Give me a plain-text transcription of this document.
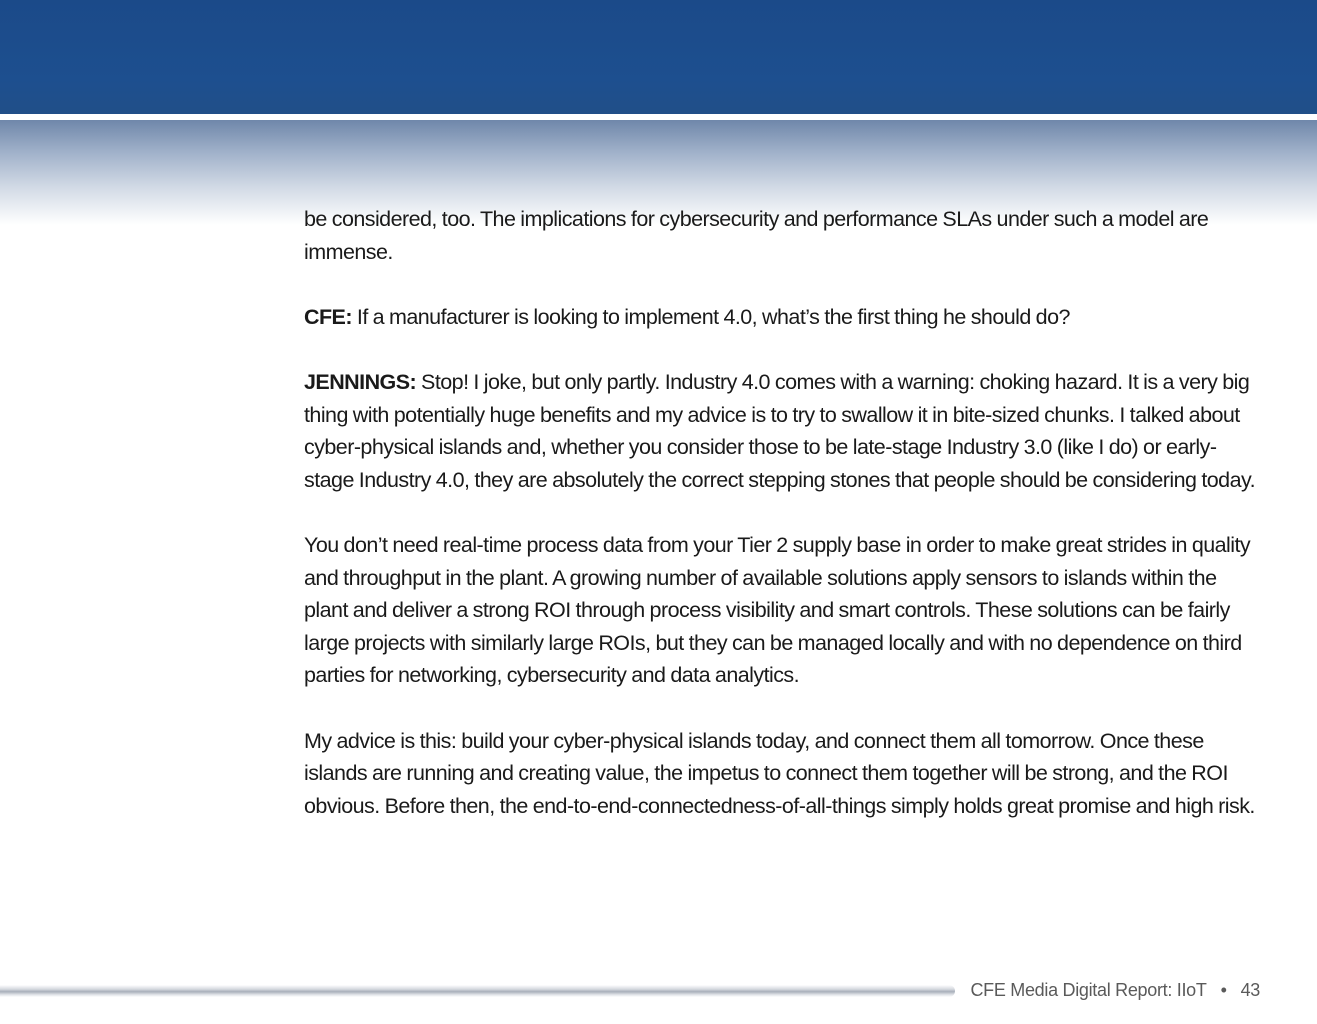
be considered, too. The implications for cybersecurity and performance SLAs under such a model are immense.

CFE: If a manufacturer is looking to implement 4.0, what’s the first thing he should do?

JENNINGS: Stop! I joke, but only partly. Industry 4.0 comes with a warning: choking hazard. It is a very big thing with potentially huge benefits and my advice is to try to swallow it in bite-sized chunks. I talked about cyber-physical islands and, whether you consider those to be late-stage Industry 3.0 (like I do) or early-stage Industry 4.0, they are absolutely the correct stepping stones that people should be considering today.

You don’t need real-time process data from your Tier 2 supply base in order to make great strides in quality and throughput in the plant. A growing number of available solutions apply sensors to islands within the plant and deliver a strong ROI through process visibility and smart controls. These solutions can be fairly large projects with similarly large ROIs, but they can be managed locally and with no dependence on third parties for networking, cybersecurity and data analytics.

My advice is this: build your cyber-physical islands today, and connect them all tomorrow. Once these islands are running and creating value, the impetus to connect them together will be strong, and the ROI obvious. Before then, the end-to-end-connectedness-of-all-things simply holds great promise and high risk.

CFE Media Digital Report: IIoT • 43
